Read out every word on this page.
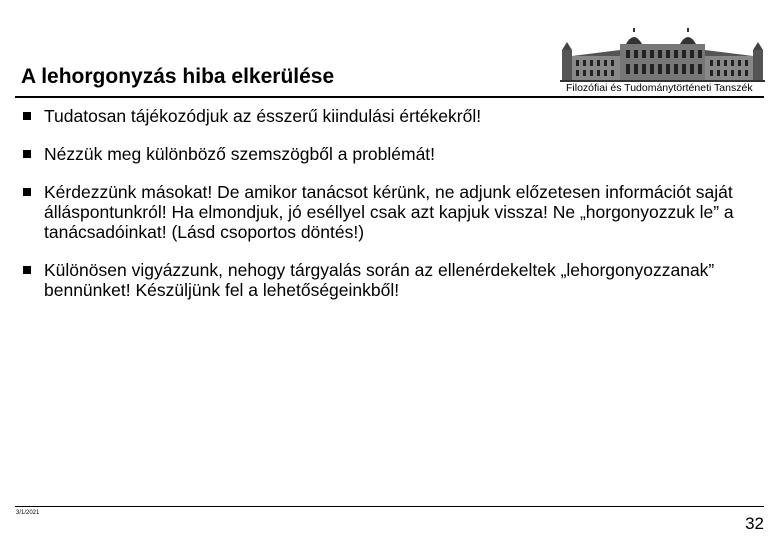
A lehorgonyzás hiba elkerülése	Filozófiai és Tudománytörténeti Tanszék
Tudatosan tájékozódjuk az ésszerű kiindulási értékekről!
Nézzük meg különböző szemszögből a problémát!
Kérdezzünk másokat! De amikor tanácsot kérünk, ne adjunk előzetesen információt saját álláspontunkról! Ha elmondjuk, jó eséllyel csak azt kapjuk vissza! Ne „horgonyozzuk le” a tanácsadóinkat! (Lásd csoportos döntés!)
Különösen vigyázzunk, nehogy tárgyalás során az ellenérdekeltek „lehorgonyozzanak” bennünket! Készüljünk fel a lehetőségeinkből!
3/1/2021
32
